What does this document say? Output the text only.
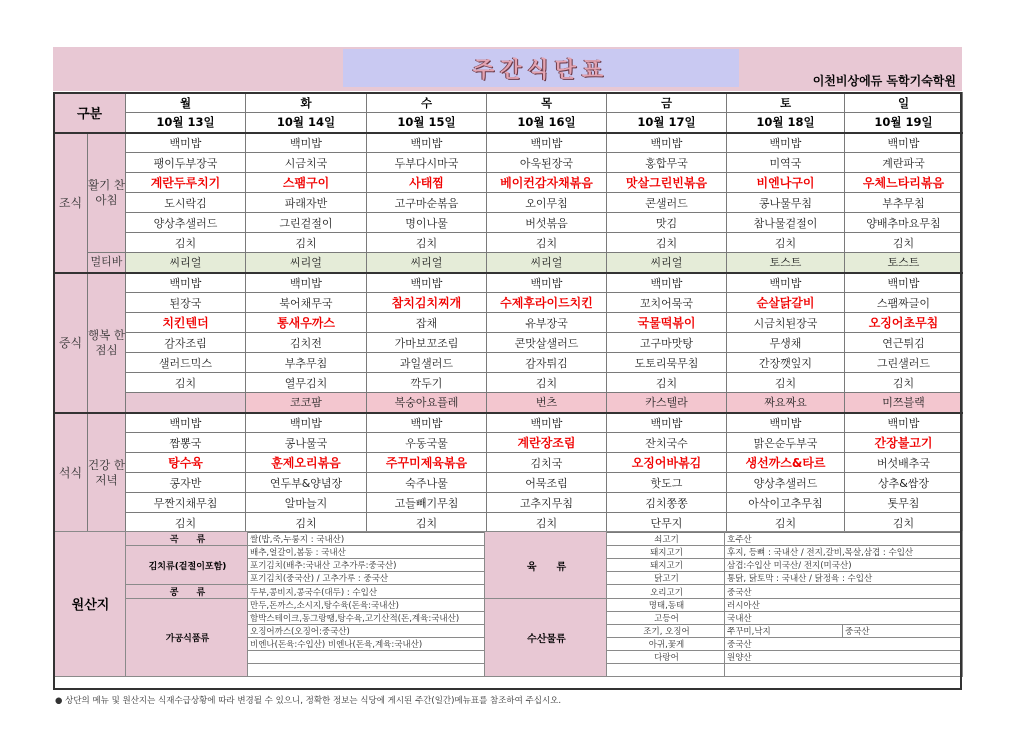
주간식단표	이천비상에듀 독학기숙학원
구분		월	화	수	목	금	토	일	
		10월 13일	10월 14일	10월 15일	10월 16일	10월 17일	10월 18일	10월 19일	
조식	활기 찬 아침	백미밥	백미밥	백미밥	백미밥	백미밥	백미밥	백미밥	
		팽이두부장국	시금치국	두부다시마국	아욱된장국	홍합무국	미역국	계란파국	
		계란두루치기	스팸구이	사태찜	베이컨감자채볶음	맛살그린빈볶음	비엔나구이	우체느타리볶음	
		도시락김	파래자반	고구마순볶음	오이무침	콘샐러드	콩나물무침	부추무침	
		양상추샐러드	그린겉절이	명이나물	버섯볶음	맛김	참나물겉절이	양배추마요무침	
		김치	김치	김치	김치	김치	김치	김치	
	멀티바	씨리얼	씨리얼	씨리얼	씨리얼	씨리얼	토스트	토스트	
중식	행복 한 점심	백미밥	백미밥	백미밥	백미밥	백미밥	백미밥	백미밥	
		된장국	북어채무국	참치김치찌개	수제후라이드치킨	꼬치어묵국	순살닭갈비	스팸짜글이	
		치킨텐더	통새우까스	잡채	유부장국	국물떡볶이	시금치된장국	오징어초무침	
		감자조림	김치전	가마보꼬조림	콘맛살샐러드	고구마맛탕	무생채	연근튀김	
		샐러드믹스	부추무침	과일샐러드	감자튀김	도토리묵무침	간장깻잎지	그린샐러드	
		김치	열무김치	깍두기	김치	김치	김치	김치	
			코코팜	복숭아요플레	번츠	카스텔라	짜요짜요	미쯔블랙	
석식	건강 한 저녁	백미밥	백미밥	백미밥	백미밥	백미밥	백미밥	백미밥	
		짬뽕국	콩나물국	우동국물	계란장조림	잔치국수	맑은순두부국	간장불고기	
		탕수육	훈제오리볶음	주꾸미제육볶음	김치국	오징어바볶김	생선까스&타르	버섯배추국	
		콩자반	연두부&양념장	숙주나물	어묵조림	핫도그	양상추샐러드	상추&쌈장	
		무짠지채무침	알마늘지	고들빼기무침	고추지무침	김치쫑쫑	아삭이고추무침	톳무침	
		김치	김치	김치	김치	단무지	김치	김치	
원산지	곡　　류	쌀(밥,죽,누룽지 : 국내산)	육　　류	쇠고기	호주산	
	김치류(겉절이포함)	배추,얼갈이,봄동 : 국내산		돼지고기	후지, 등뼈 : 국내산 / 전지,갈비,목살,삼겹 : 수입산	
		포기김치(배추:국내산 고추가루:중국산)		돼지고기	삼겹:수입산 미국산/ 전지(미국산)	
		포기김치(중국산) / 고추가루 : 중국산		닭고기	통닭, 닭토막 : 국내산 / 닭정육 : 수입산	
	콩　　류	두부,콩비지,콩국수(대두) : 수입산		오리고기	중국산	
	가공식품류	만두,돈까스,소시지,탕수육(돈육:국내산)	수산물류	명태,동태	러시아산	
		함박스테이크,동그랑땡,탕수육,고기산적(돈,계육:국내산)		고등어	국내산	
		오징어까스(오징어:중국산)		조기, 오징어	쭈꾸미,낙지	중국산
		비엔나(돈육:수입산) 비엔나(돈육,계육:국내산)		아귀,꽃게	중국산	
				다랑어	원양산	

● 상단의 메뉴 및 원산지는 식재수급상황에 따라 변경될 수 있으니, 정확한 정보는 식당에 게시된 주간(일간)메뉴표를 참조하여 주십시오.
